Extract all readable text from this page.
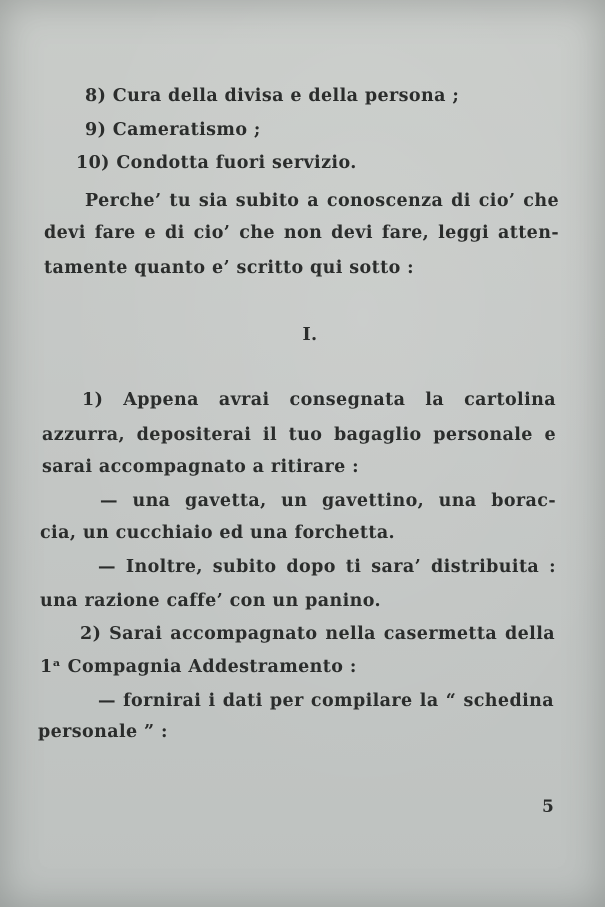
8) Cura della divisa e della persona ;
9) Cameratismo ;
10) Condotta fuori servizio.
Perche’ tu sia subito a conoscenza di cio’ che
devi fare e di cio’ che non devi fare, leggi atten-
tamente quanto e’ scritto qui sotto :
I.
1) Appena avrai consegnata la cartolina
azzurra, depositerai il tuo bagaglio personale e
sarai accompagnato a ritirare :
— una gavetta, un gavettino, una borac-
cia, un cucchiaio ed una forchetta.
— Inoltre, subito dopo ti sara’ distribuita :
una razione caffe’ con un panino.
2) Sarai accompagnato nella casermetta della
1ᵃ Compagnia Addestramento :
— fornirai i dati per compilare la “ schedina
personale ” :
5
